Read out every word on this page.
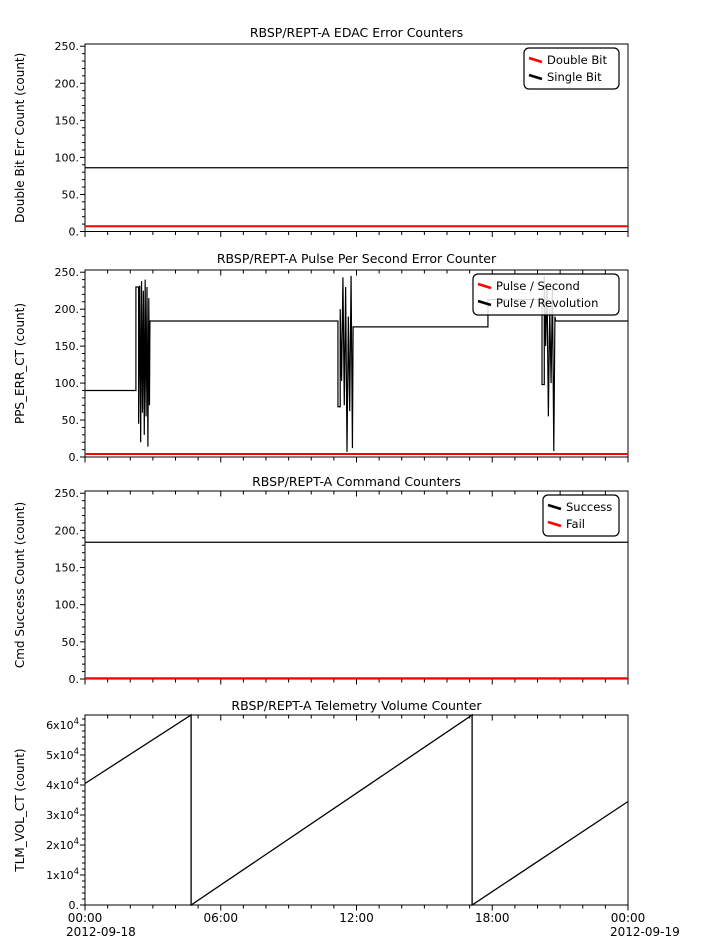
RBSP/REPT-A EDAC Error Counters
0.
50.
100.
150.
200.
250.
Double Bit Err Count (count)	Double Bit
Single Bit
RBSP/REPT-A Pulse Per Second Error Counter
0.
50.
100.
150.
200.
250.
PPS_ERR_CT (count)
Pulse / Second
Pulse / Revolution
RBSP/REPT-A Command Counters
0.
50.
100.
150.
200.
250.
Cmd Success Count (count)	Success
Fail
RBSP/REPT-A Telemetry Volume Counter
0.
$1x10^4$
$2x10^4$
$3x10^4$
$4x10^4$
$5x10^4$
$6x10^4$
TLM_VOL_CT (count)
00:00	06:00	12:00	18:00	00:00
2012-09-18	2012-09-19
